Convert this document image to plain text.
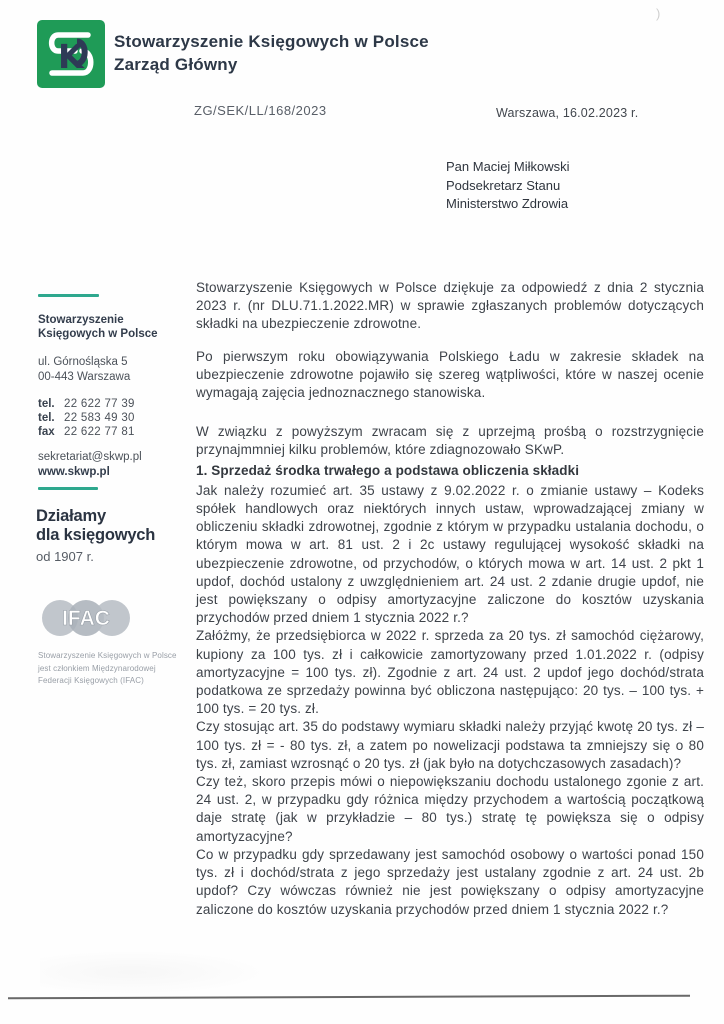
)
K Stowarzyszenie Księgowych w Polsce
Zarząd Główny
ZG/SEK/LL/168/2023	Warszawa, 16.02.2023 r.
Pan Maciej Miłkowski
Podsekretarz Stanu
Ministerstwo Zdrowia
Stowarzyszenie
Księgowych w Polsce
ul. Górnośląska 5
00-443 Warszawa
tel. 22 622 77 39
tel. 22 583 49 30
fax 22 622 77 81
sekretariat@skwp.pl
www.skwp.pl
Działamy
dla księgowych
od 1907 r.
IFAC
Stowarzyszenie Księgowych w Polsce
jest członkiem Międzynarodowej
Federacji Księgowych (IFAC)

Stowarzyszenie Księgowych w Polsce dziękuje za odpowiedź z dnia 2 stycznia 2023 r. (nr DLU.71.1.2022.MR) w sprawie zgłaszanych problemów dotyczących składki na ubezpieczenie zdrowotne.

Po pierwszym roku obowiązywania Polskiego Ładu w zakresie składek na ubezpieczenie zdrowotne pojawiło się szereg wątpliwości, które w naszej ocenie wymagają zajęcia jednoznacznego stanowiska.

W związku z powyższym zwracam się z uprzejmą prośbą o rozstrzygnięcie przynajmmniej kilku problemów, które zdiagnozowało SKwP.

1. Sprzedaż środka trwałego a podstawa obliczenia składki

Jak należy rozumieć art. 35 ustawy z 9.02.2022 r. o zmianie ustawy – Kodeks spółek handlowych oraz niektórych innych ustaw, wprowadzającej zmiany w obliczeniu składki zdrowotnej, zgodnie z którym w przypadku ustalania dochodu, o którym mowa w art. 81 ust. 2 i 2c ustawy regulującej wysokość składki na ubezpieczenie zdrowotne, od przychodów, o których mowa w art. 14 ust. 2 pkt 1 updof, dochód ustalony z uwzględnieniem art. 24 ust. 2 zdanie drugie updof, nie jest powiększany o odpisy amortyzacyjne zaliczone do kosztów uzyskania przychodów przed dniem 1 stycznia 2022 r.?

Załóżmy, że przedsiębiorca w 2022 r. sprzeda za 20 tys. zł samochód ciężarowy, kupiony za 100 tys. zł i całkowicie zamortyzowany przed 1.01.2022 r. (odpisy amortyzacyjne = 100 tys. zł). Zgodnie z art. 24 ust. 2 updof jego dochód/strata podatkowa ze sprzedaży powinna być obliczona następująco: 20 tys. – 100 tys. + 100 tys. = 20 tys. zł.

Czy stosując art. 35 do podstawy wymiaru składki należy przyjąć kwotę 20 tys. zł – 100 tys. zł = - 80 tys. zł, a zatem po nowelizacji podstawa ta zmniejszy się o 80 tys. zł, zamiast wzrosnąć o 20 tys. zł (jak było na dotychczasowych zasadach)?

Czy też, skoro przepis mówi o niepowiększaniu dochodu ustalonego zgonie z art. 24 ust. 2, w przypadku gdy różnica między przychodem a wartością początkową daje stratę (jak w przykładzie – 80 tys.) stratę tę powiększa się o odpisy amortyzacyjne?

Co w przypadku gdy sprzedawany jest samochód osobowy o wartości ponad 150 tys. zł i dochód/strata z jego sprzedaży jest ustalany zgodnie z art. 24 ust. 2b updof? Czy wówczas również nie jest powiększany o odpisy amortyzacyjne zaliczone do kosztów uzyskania przychodów przed dniem 1 stycznia 2022 r.?
